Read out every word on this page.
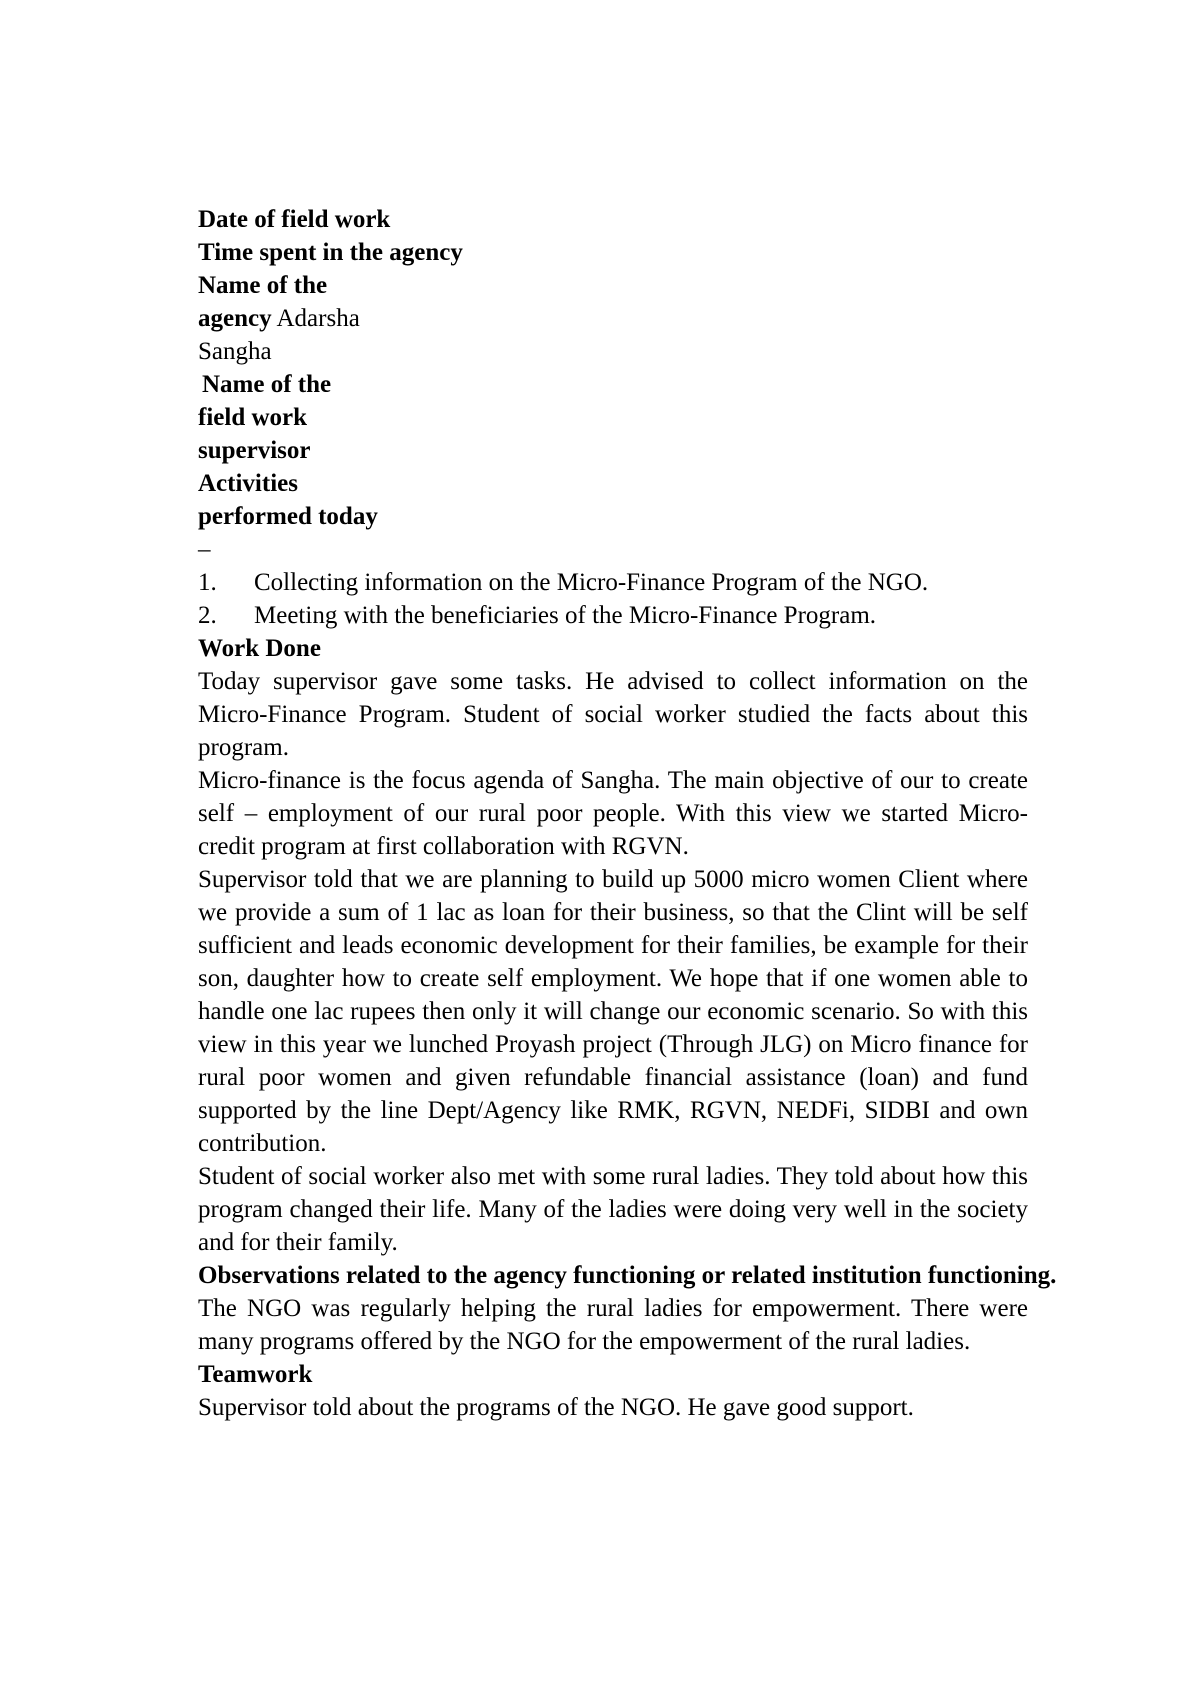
Date of field work

Time spent in the agency

Name of the

agency Adarsha

Sangha

Name of the

field work

supervisor

Activities

performed today

–
1.	Collecting information on the Micro-Finance Program of the NGO.
2.	Meeting with the beneficiaries of the Micro-Finance Program.

Work Done

Today supervisor gave some tasks. He advised to collect information on the Micro-Finance Program. Student of social worker studied the facts about this program.

Micro-finance is the focus agenda of Sangha. The main objective of our to create self – employment of our rural poor people. With this view we started Micro-credit program at first collaboration with RGVN.

Supervisor told that we are planning to build up 5000 micro women Client where we provide a sum of 1 lac as loan for their business, so that the Clint will be self sufficient and leads economic development for their families, be example for their son, daughter how to create self employment. We hope that if one women able to handle one lac rupees then only it will change our economic scenario. So with this view in this year we lunched Proyash project (Through JLG) on Micro finance for rural poor women and given refundable financial assistance (loan) and fund supported by the line Dept/Agency like RMK, RGVN, NEDFi, SIDBI and own contribution.

Student of social worker also met with some rural ladies. They told about how this program changed their life. Many of the ladies were doing very well in the society and for their family.

Observations related to the agency functioning or related institution functioning.

The NGO was regularly helping the rural ladies for empowerment. There were many programs offered by the NGO for the empowerment of the rural ladies.

Teamwork

Supervisor told about the programs of the NGO. He gave good support.
